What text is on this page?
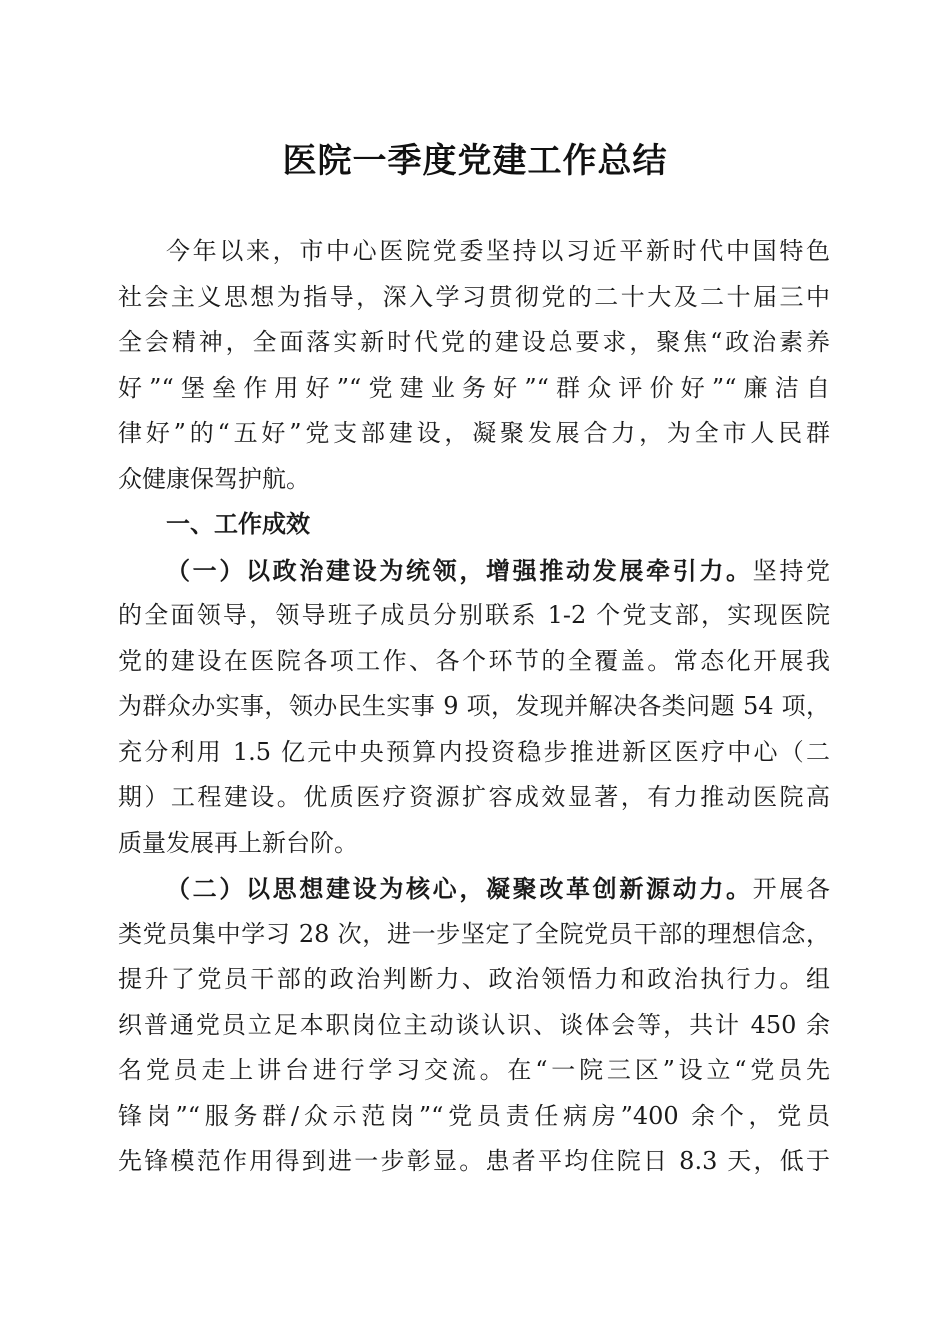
医院一季度党建工作总结
今年以来，市中心医院党委坚持以习近平新时代中国特色
社会主义思想为指导，深入学习贯彻党的二十大及二十届三中
全会精神，全面落实新时代党的建设总要求，聚焦“政治素养
好”“堡垒作用好”“党建业务好”“群众评价好”“廉洁自
律好”的“五好”党支部建设，凝聚发展合力，为全市人民群
众健康保驾护航。
一、工作成效
（一）以政治建设为统领，增强推动发展牵引力。坚持党
的全面领导，领导班子成员分别联系 1-2 个党支部，实现医院
党的建设在医院各项工作、各个环节的全覆盖。常态化开展我
为群众办实事，领办民生实事 9 项，发现并解决各类问题 54 项，
充分利用 1.5 亿元中央预算内投资稳步推进新区医疗中心（二
期）工程建设。优质医疗资源扩容成效显著，有力推动医院高
质量发展再上新台阶。
（二）以思想建设为核心，凝聚改革创新源动力。开展各
类党员集中学习 28 次，进一步坚定了全院党员干部的理想信念，
提升了党员干部的政治判断力、政治领悟力和政治执行力。组
织普通党员立足本职岗位主动谈认识、谈体会等，共计 450 余
名党员走上讲台进行学习交流。在“一院三区”设立“党员先
锋岗”“服务群/众示范岗”“党员责任病房”400 余个，党员
先锋模范作用得到进一步彰显。患者平均住院日 8.3 天，低于
